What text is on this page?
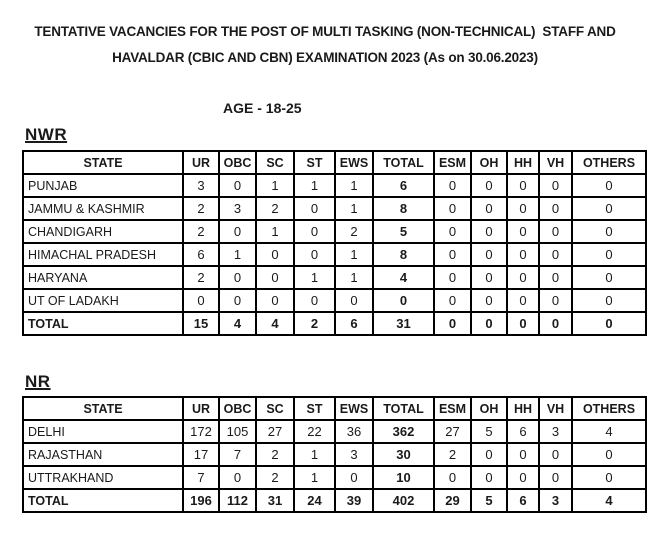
TENTATIVE VACANCIES FOR THE POST OF MULTI TASKING (NON-TECHNICAL)  STAFF AND
HAVALDAR (CBIC AND CBN) EXAMINATION 2023 (As on 30.06.2023)
AGE - 18-25
NWR
STATE	UR	OBC	SC	ST	EWS	TOTAL	ESM	OH	HH	VH	OTHERS
PUNJAB	3	0	1	1	1	6	0	0	0	0	0
JAMMU & KASHMIR	2	3	2	0	1	8	0	0	0	0	0
CHANDIGARH	2	0	1	0	2	5	0	0	0	0	0
HIMACHAL PRADESH	6	1	0	0	1	8	0	0	0	0	0
HARYANA	2	0	0	1	1	4	0	0	0	0	0
UT OF LADAKH	0	0	0	0	0	0	0	0	0	0	0
TOTAL	15	4	4	2	6	31	0	0	0	0	0
NR
STATE	UR	OBC	SC	ST	EWS	TOTAL	ESM	OH	HH	VH	OTHERS
DELHI	172	105	27	22	36	362	27	5	6	3	4
RAJASTHAN	17	7	2	1	3	30	2	0	0	0	0
UTTRAKHAND	7	0	2	1	0	10	0	0	0	0	0
TOTAL	196	112	31	24	39	402	29	5	6	3	4
